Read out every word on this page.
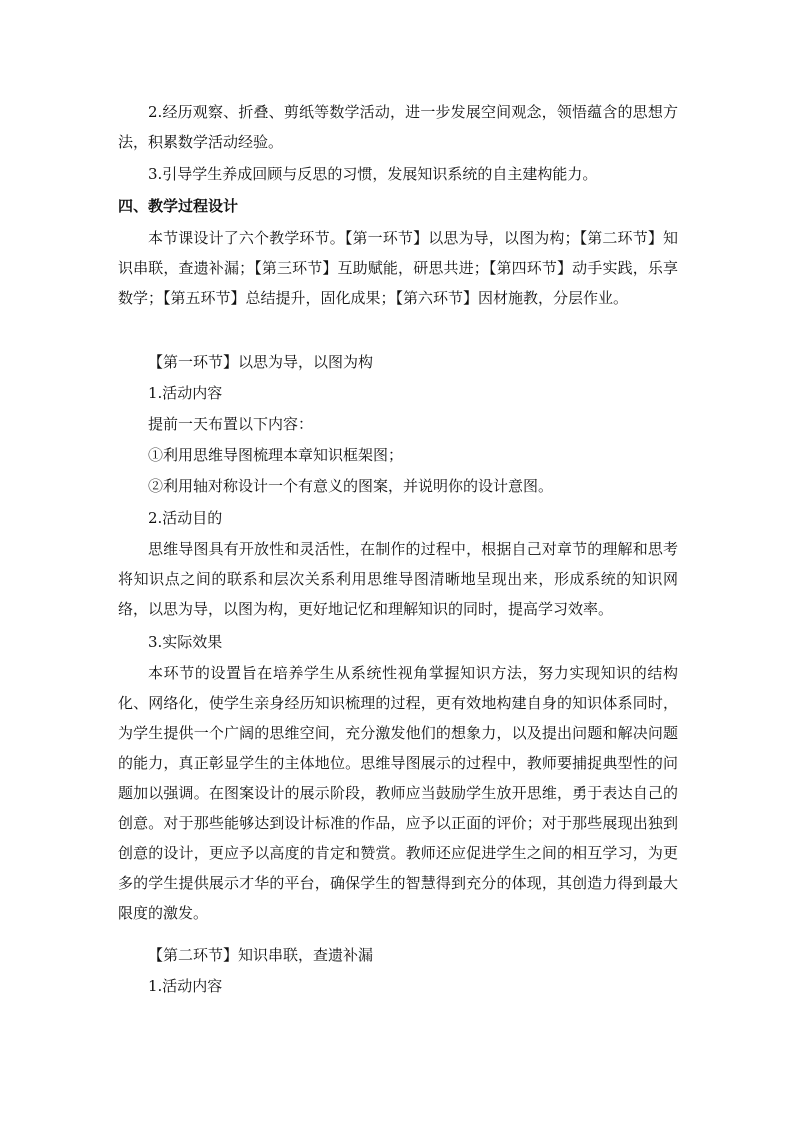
2.经历观察、折叠、剪纸等数学活动，进一步发展空间观念，领悟蕴含的思想方法，积累数学活动经验。
3.引导学生养成回顾与反思的习惯，发展知识系统的自主建构能力。
四、教学过程设计
本节课设计了六个教学环节。【第一环节】以思为导，以图为构；【第二环节】知识串联，查遗补漏；【第三环节】互助赋能，研思共进；【第四环节】动手实践，乐享数学；【第五环节】总结提升，固化成果；【第六环节】因材施教，分层作业。
【第一环节】以思为导，以图为构
1.活动内容
提前一天布置以下内容：
①利用思维导图梳理本章知识框架图；
②利用轴对称设计一个有意义的图案，并说明你的设计意图。
2.活动目的
思维导图具有开放性和灵活性，在制作的过程中，根据自己对章节的理解和思考将知识点之间的联系和层次关系利用思维导图清晰地呈现出来，形成系统的知识网络，以思为导，以图为构，更好地记忆和理解知识的同时，提高学习效率。
3.实际效果
本环节的设置旨在培养学生从系统性视角掌握知识方法，努力实现知识的结构化、网络化，使学生亲身经历知识梳理的过程，更有效地构建自身的知识体系同时，为学生提供一个广阔的思维空间，充分激发他们的想象力，以及提出问题和解决问题的能力，真正彰显学生的主体地位。思维导图展示的过程中，教师要捕捉典型性的问题加以强调。在图案设计的展示阶段，教师应当鼓励学生放开思维，勇于表达自己的创意。对于那些能够达到设计标准的作品，应予以正面的评价；对于那些展现出独到创意的设计，更应予以高度的肯定和赞赏。教师还应促进学生之间的相互学习，为更多的学生提供展示才华的平台，确保学生的智慧得到充分的体现，其创造力得到最大限度的激发。
【第二环节】知识串联，查遗补漏
1.活动内容
